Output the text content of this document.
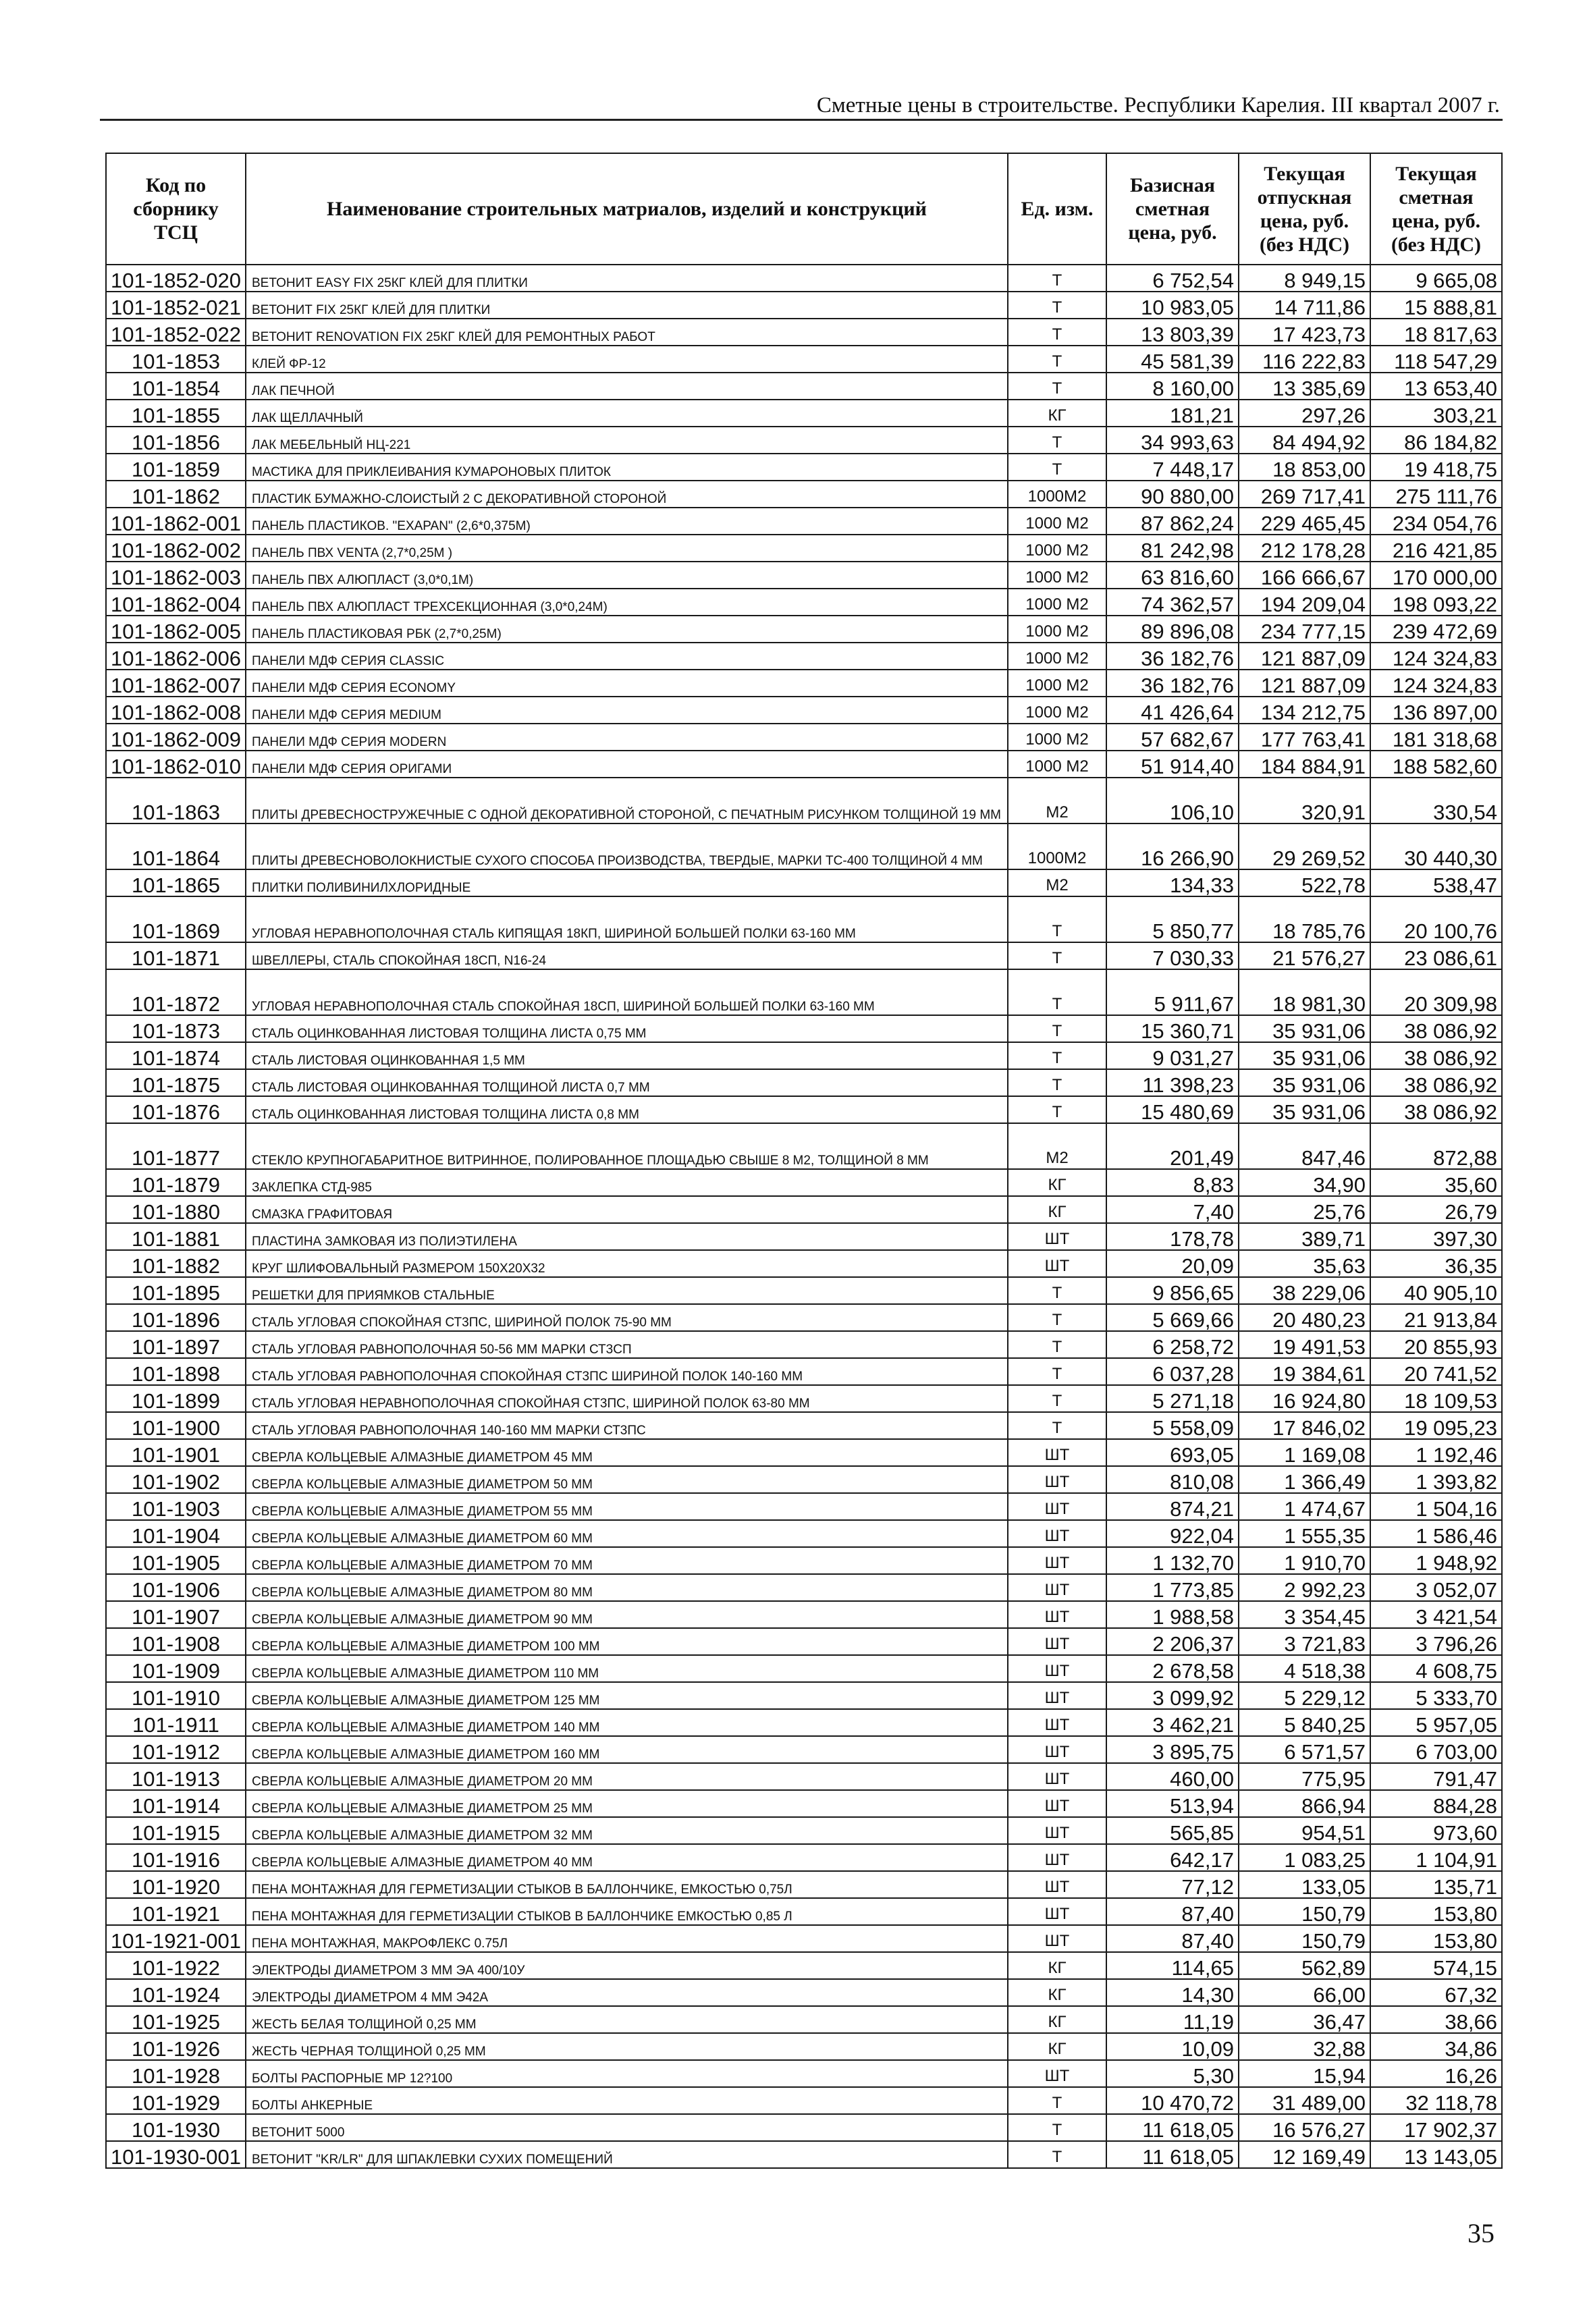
Сметные цены в строительстве. Республики Карелия. III квартал 2007 г.
Код по сборнику ТСЦ	Наименование строительных матриалов, изделий и конструкций	Ед. изм.	Базисная сметная цена, руб.	Текущая отпускная цена, руб. (без НДС)	Текущая сметная цена, руб. (без НДС)
101-1852-020	ВЕТОНИТ EASY FIX 25КГ КЛЕЙ ДЛЯ ПЛИТКИ	Т	6 752,54	8 949,15	9 665,08
101-1852-021	ВЕТОНИТ FIX 25КГ КЛЕЙ ДЛЯ ПЛИТКИ	Т	10 983,05	14 711,86	15 888,81
101-1852-022	ВЕТОНИТ RENOVATION FIX 25КГ КЛЕЙ ДЛЯ РЕМОНТНЫХ РАБОТ	Т	13 803,39	17 423,73	18 817,63
101-1853	КЛЕЙ ФР-12	Т	45 581,39	116 222,83	118 547,29
101-1854	ЛАК ПЕЧНОЙ	Т	8 160,00	13 385,69	13 653,40
101-1855	ЛАК ЩЕЛЛАЧНЫЙ	КГ	181,21	297,26	303,21
101-1856	ЛАК МЕБЕЛЬНЫЙ НЦ-221	Т	34 993,63	84 494,92	86 184,82
101-1859	МАСТИКА ДЛЯ ПРИКЛЕИВАНИЯ КУМАРОНОВЫХ ПЛИТОК	Т	7 448,17	18 853,00	19 418,75
101-1862	ПЛАСТИК БУМАЖНО-СЛОИСТЫЙ 2 С ДЕКОРАТИВНОЙ СТОРОНОЙ	1000М2	90 880,00	269 717,41	275 111,76
101-1862-001	ПАНЕЛЬ ПЛАСТИКОВ. "EXAPAN" (2,6*0,375М)	1000 М2	87 862,24	229 465,45	234 054,76
101-1862-002	ПАНЕЛЬ ПВХ VENTA (2,7*0,25М )	1000 М2	81 242,98	212 178,28	216 421,85
101-1862-003	ПАНЕЛЬ ПВХ АЛЮПЛАСТ (3,0*0,1М)	1000 М2	63 816,60	166 666,67	170 000,00
101-1862-004	ПАНЕЛЬ ПВХ АЛЮПЛАСТ ТРЕХСЕКЦИОННАЯ (3,0*0,24М)	1000 М2	74 362,57	194 209,04	198 093,22
101-1862-005	ПАНЕЛЬ ПЛАСТИКОВАЯ РБК (2,7*0,25М)	1000 М2	89 896,08	234 777,15	239 472,69
101-1862-006	ПАНЕЛИ МДФ СЕРИЯ CLASSIC	1000 М2	36 182,76	121 887,09	124 324,83
101-1862-007	ПАНЕЛИ МДФ СЕРИЯ ECONOMY	1000 М2	36 182,76	121 887,09	124 324,83
101-1862-008	ПАНЕЛИ МДФ СЕРИЯ MEDIUM	1000 М2	41 426,64	134 212,75	136 897,00
101-1862-009	ПАНЕЛИ МДФ СЕРИЯ MODERN	1000 М2	57 682,67	177 763,41	181 318,68
101-1862-010	ПАНЕЛИ МДФ СЕРИЯ ОРИГАМИ	1000 М2	51 914,40	184 884,91	188 582,60
101-1863	ПЛИТЫ ДРЕВЕСНОСТРУЖЕЧНЫЕ С ОДНОЙ ДЕКОРАТИВНОЙ СТОРОНОЙ, С ПЕЧАТНЫМ РИСУНКОМ ТОЛЩИНОЙ 19 ММ	М2	106,10	320,91	330,54
101-1864	ПЛИТЫ ДРЕВЕСНОВОЛОКНИСТЫЕ СУХОГО СПОСОБА ПРОИЗВОДСТВА, ТВЕРДЫЕ, МАРКИ ТС-400 ТОЛЩИНОЙ 4 ММ	1000М2	16 266,90	29 269,52	30 440,30
101-1865	ПЛИТКИ ПОЛИВИНИЛХЛОРИДНЫЕ	М2	134,33	522,78	538,47
101-1869	УГЛОВАЯ НЕРАВНОПОЛОЧНАЯ СТАЛЬ КИПЯЩАЯ 18КП, ШИРИНОЙ БОЛЬШЕЙ ПОЛКИ 63-160 ММ	Т	5 850,77	18 785,76	20 100,76
101-1871	ШВЕЛЛЕРЫ, СТАЛЬ СПОКОЙНАЯ 18СП, N16-24	Т	7 030,33	21 576,27	23 086,61
101-1872	УГЛОВАЯ НЕРАВНОПОЛОЧНАЯ СТАЛЬ СПОКОЙНАЯ 18СП, ШИРИНОЙ БОЛЬШЕЙ ПОЛКИ 63-160 ММ	Т	5 911,67	18 981,30	20 309,98
101-1873	СТАЛЬ ОЦИНКОВАННАЯ ЛИСТОВАЯ ТОЛЩИНА ЛИСТА 0,75 ММ	Т	15 360,71	35 931,06	38 086,92
101-1874	СТАЛЬ ЛИСТОВАЯ ОЦИНКОВАННАЯ 1,5 ММ	Т	9 031,27	35 931,06	38 086,92
101-1875	СТАЛЬ ЛИСТОВАЯ ОЦИНКОВАННАЯ ТОЛЩИНОЙ ЛИСТА 0,7 ММ	Т	11 398,23	35 931,06	38 086,92
101-1876	СТАЛЬ ОЦИНКОВАННАЯ ЛИСТОВАЯ ТОЛЩИНА ЛИСТА 0,8 ММ	Т	15 480,69	35 931,06	38 086,92
101-1877	СТЕКЛО КРУПНОГАБАРИТНОЕ ВИТРИННОЕ, ПОЛИРОВАННОЕ ПЛОЩАДЬЮ СВЫШЕ 8 М2, ТОЛЩИНОЙ 8 ММ	М2	201,49	847,46	872,88
101-1879	ЗАКЛЕПКА СТД-985	КГ	8,83	34,90	35,60
101-1880	СМАЗКА ГРАФИТОВАЯ	КГ	7,40	25,76	26,79
101-1881	ПЛАСТИНА ЗАМКОВАЯ ИЗ ПОЛИЭТИЛЕНА	ШТ	178,78	389,71	397,30
101-1882	КРУГ ШЛИФОВАЛЬНЫЙ РАЗМЕРОМ 150Х20Х32	ШТ	20,09	35,63	36,35
101-1895	РЕШЕТКИ ДЛЯ ПРИЯМКОВ СТАЛЬНЫЕ	Т	9 856,65	38 229,06	40 905,10
101-1896	СТАЛЬ УГЛОВАЯ СПОКОЙНАЯ СТ3ПС, ШИРИНОЙ ПОЛОК 75-90 ММ	Т	5 669,66	20 480,23	21 913,84
101-1897	СТАЛЬ УГЛОВАЯ РАВНОПОЛОЧНАЯ 50-56 ММ МАРКИ СТ3СП	Т	6 258,72	19 491,53	20 855,93
101-1898	СТАЛЬ УГЛОВАЯ РАВНОПОЛОЧНАЯ СПОКОЙНАЯ СТ3ПС ШИРИНОЙ ПОЛОК 140-160 ММ	Т	6 037,28	19 384,61	20 741,52
101-1899	СТАЛЬ УГЛОВАЯ НЕРАВНОПОЛОЧНАЯ СПОКОЙНАЯ СТ3ПС, ШИРИНОЙ ПОЛОК 63-80 ММ	Т	5 271,18	16 924,80	18 109,53
101-1900	СТАЛЬ УГЛОВАЯ РАВНОПОЛОЧНАЯ 140-160 ММ МАРКИ СТ3ПС	Т	5 558,09	17 846,02	19 095,23
101-1901	СВЕРЛА КОЛЬЦЕВЫЕ АЛМАЗНЫЕ ДИАМЕТРОМ 45 ММ	ШТ	693,05	1 169,08	1 192,46
101-1902	СВЕРЛА КОЛЬЦЕВЫЕ АЛМАЗНЫЕ ДИАМЕТРОМ 50 ММ	ШТ	810,08	1 366,49	1 393,82
101-1903	СВЕРЛА КОЛЬЦЕВЫЕ АЛМАЗНЫЕ ДИАМЕТРОМ 55 ММ	ШТ	874,21	1 474,67	1 504,16
101-1904	СВЕРЛА КОЛЬЦЕВЫЕ АЛМАЗНЫЕ ДИАМЕТРОМ 60 ММ	ШТ	922,04	1 555,35	1 586,46
101-1905	СВЕРЛА КОЛЬЦЕВЫЕ АЛМАЗНЫЕ ДИАМЕТРОМ 70 ММ	ШТ	1 132,70	1 910,70	1 948,92
101-1906	СВЕРЛА КОЛЬЦЕВЫЕ АЛМАЗНЫЕ ДИАМЕТРОМ 80 ММ	ШТ	1 773,85	2 992,23	3 052,07
101-1907	СВЕРЛА КОЛЬЦЕВЫЕ АЛМАЗНЫЕ ДИАМЕТРОМ 90 ММ	ШТ	1 988,58	3 354,45	3 421,54
101-1908	СВЕРЛА КОЛЬЦЕВЫЕ АЛМАЗНЫЕ ДИАМЕТРОМ 100 ММ	ШТ	2 206,37	3 721,83	3 796,26
101-1909	СВЕРЛА КОЛЬЦЕВЫЕ АЛМАЗНЫЕ ДИАМЕТРОМ 110 ММ	ШТ	2 678,58	4 518,38	4 608,75
101-1910	СВЕРЛА КОЛЬЦЕВЫЕ АЛМАЗНЫЕ ДИАМЕТРОМ 125 ММ	ШТ	3 099,92	5 229,12	5 333,70
101-1911	СВЕРЛА КОЛЬЦЕВЫЕ АЛМАЗНЫЕ ДИАМЕТРОМ 140 ММ	ШТ	3 462,21	5 840,25	5 957,05
101-1912	СВЕРЛА КОЛЬЦЕВЫЕ АЛМАЗНЫЕ ДИАМЕТРОМ 160 ММ	ШТ	3 895,75	6 571,57	6 703,00
101-1913	СВЕРЛА КОЛЬЦЕВЫЕ АЛМАЗНЫЕ ДИАМЕТРОМ 20 ММ	ШТ	460,00	775,95	791,47
101-1914	СВЕРЛА КОЛЬЦЕВЫЕ АЛМАЗНЫЕ ДИАМЕТРОМ 25 ММ	ШТ	513,94	866,94	884,28
101-1915	СВЕРЛА КОЛЬЦЕВЫЕ АЛМАЗНЫЕ ДИАМЕТРОМ 32 ММ	ШТ	565,85	954,51	973,60
101-1916	СВЕРЛА КОЛЬЦЕВЫЕ АЛМАЗНЫЕ ДИАМЕТРОМ 40 ММ	ШТ	642,17	1 083,25	1 104,91
101-1920	ПЕНА МОНТАЖНАЯ ДЛЯ ГЕРМЕТИЗАЦИИ СТЫКОВ В БАЛЛОНЧИКЕ, ЕМКОСТЬЮ 0,75Л	ШТ	77,12	133,05	135,71
101-1921	ПЕНА МОНТАЖНАЯ ДЛЯ ГЕРМЕТИЗАЦИИ СТЫКОВ В БАЛЛОНЧИКЕ ЕМКОСТЬЮ 0,85 Л	ШТ	87,40	150,79	153,80
101-1921-001	ПЕНА МОНТАЖНАЯ, МАКРОФЛЕКС 0.75Л	ШТ	87,40	150,79	153,80
101-1922	ЭЛЕКТРОДЫ ДИАМЕТРОМ 3 ММ ЭА 400/10У	КГ	114,65	562,89	574,15
101-1924	ЭЛЕКТРОДЫ ДИАМЕТРОМ 4 ММ Э42А	КГ	14,30	66,00	67,32
101-1925	ЖЕСТЬ БЕЛАЯ ТОЛЩИНОЙ 0,25 ММ	КГ	11,19	36,47	38,66
101-1926	ЖЕСТЬ ЧЕРНАЯ ТОЛЩИНОЙ 0,25 ММ	КГ	10,09	32,88	34,86
101-1928	БОЛТЫ РАСПОРНЫЕ МР 12?100	ШТ	5,30	15,94	16,26
101-1929	БОЛТЫ АНКЕРНЫЕ	Т	10 470,72	31 489,00	32 118,78
101-1930	ВЕТОНИТ 5000	Т	11 618,05	16 576,27	17 902,37
101-1930-001	ВЕТОНИТ "KR/LR" ДЛЯ ШПАКЛЕВКИ СУХИХ ПОМЕЩЕНИЙ	Т	11 618,05	12 169,49	13 143,05
35
